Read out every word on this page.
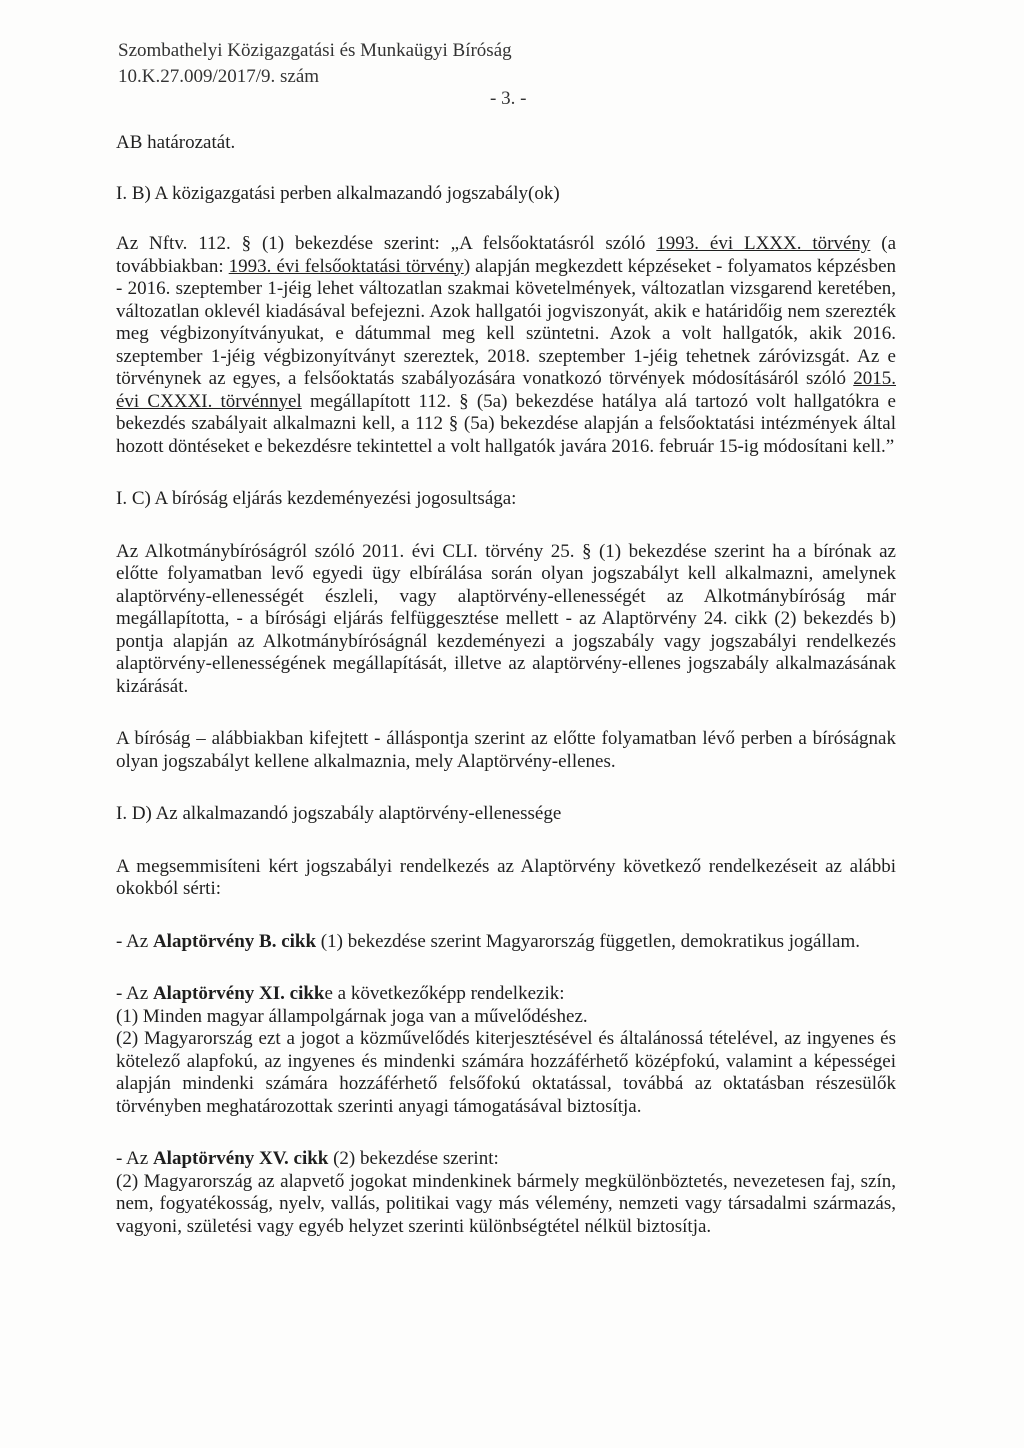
Szombathelyi Közigazgatási és Munkaügyi Bíróság
10.K.27.009/2017/9. szám
- 3. -

AB határozatát.

I. B) A közigazgatási perben alkalmazandó jogszabály(ok)

Az Nftv. 112. § (1) bekezdése szerint: „A felsőoktatásról szóló 1993. évi LXXX. törvény (a továbbiakban: 1993. évi felsőoktatási törvény) alapján megkezdett képzéseket - folyamatos képzésben - 2016. szeptember 1-jéig lehet változatlan szakmai követelmények, változatlan vizsgarend keretében, változatlan oklevél kiadásával befejezni. Azok hallgatói jogviszonyát, akik e határidőig nem szerezték meg végbizonyítványukat, e dátummal meg kell szüntetni. Azok a volt hallgatók, akik 2016. szeptember 1-jéig végbizonyítványt szereztek, 2018. szeptember 1-jéig tehetnek záróvizsgát. Az e törvénynek az egyes, a felsőoktatás szabályozására vonatkozó törvények módosításáról szóló 2015. évi CXXXI. törvénnyel megállapított 112. § (5a) bekezdése hatálya alá tartozó volt hallgatókra e bekezdés szabályait alkalmazni kell, a 112 § (5a) bekezdése alapján a felsőoktatási intézmények által hozott döntéseket e bekezdésre tekintettel a volt hallgatók javára 2016. február 15-ig módosítani kell.”

I. C) A bíróság eljárás kezdeményezési jogosultsága:

Az Alkotmánybíróságról szóló 2011. évi CLI. törvény 25. § (1) bekezdése szerint ha a bírónak az előtte folyamatban levő egyedi ügy elbírálása során olyan jogszabályt kell alkalmazni, amelynek alaptörvény-ellenességét észleli, vagy alaptörvény-ellenességét az Alkotmánybíróság már megállapította, - a bírósági eljárás felfüggesztése mellett - az Alaptörvény 24. cikk (2) bekezdés b) pontja alapján az Alkotmánybíróságnál kezdeményezi a jogszabály vagy jogszabályi rendelkezés alaptörvény-ellenességének megállapítását, illetve az alaptörvény-ellenes jogszabály alkalmazásának kizárását.

A bíróság – alábbiakban kifejtett - álláspontja szerint az előtte folyamatban lévő perben a bíróságnak olyan jogszabályt kellene alkalmaznia, mely Alaptörvény-ellenes.

I. D) Az alkalmazandó jogszabály alaptörvény-ellenessége

A megsemmisíteni kért jogszabályi rendelkezés az Alaptörvény következő rendelkezéseit az alábbi okokból sérti:

- Az Alaptörvény B. cikk (1) bekezdése szerint Magyarország független, demokratikus jogállam.

- Az Alaptörvény XI. cikke a következőképp rendelkezik:

(1) Minden magyar állampolgárnak joga van a művelődéshez.

(2) Magyarország ezt a jogot a közművelődés kiterjesztésével és általánossá tételével, az ingyenes és kötelező alapfokú, az ingyenes és mindenki számára hozzáférhető középfokú, valamint a képességei alapján mindenki számára hozzáférhető felsőfokú oktatással, továbbá az oktatásban részesülők törvényben meghatározottak szerinti anyagi támogatásával biztosítja.

- Az Alaptörvény XV. cikk (2) bekezdése szerint:

(2) Magyarország az alapvető jogokat mindenkinek bármely megkülönböztetés, nevezetesen faj, szín, nem, fogyatékosság, nyelv, vallás, politikai vagy más vélemény, nemzeti vagy társadalmi származás, vagyoni, születési vagy egyéb helyzet szerinti különbségtétel nélkül biztosítja.
